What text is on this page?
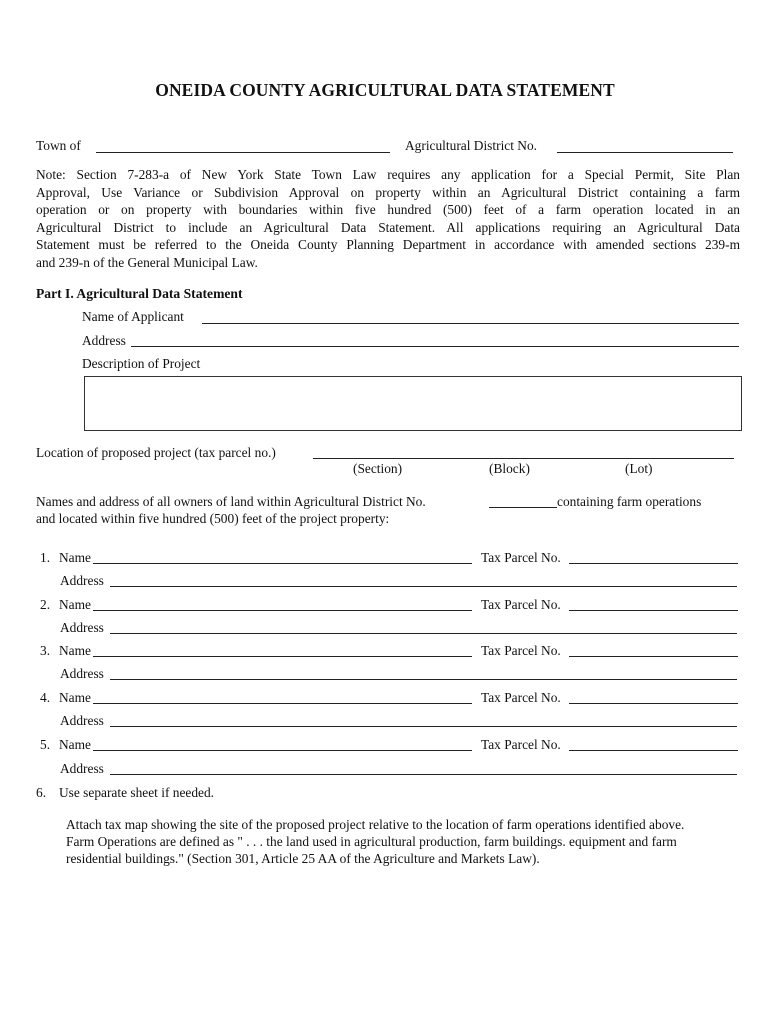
ONEIDA COUNTY AGRICULTURAL DATA STATEMENT
Town of	Agricultural District No.
Note: Section 7-283-a of New York State Town Law requires any application for a Special Permit, Site Plan
Approval, Use Variance or Subdivision Approval on property within an Agricultural District containing a farm
operation or on property with boundaries within five hundred (500) feet of a farm operation located in an
Agricultural District to include an Agricultural Data Statement. All applications requiring an Agricultural Data
Statement must be referred to the Oneida County Planning Department in accordance with amended sections 239-m
and 239-n of the General Municipal Law.
Part I. Agricultural Data Statement
Name of Applicant
Address
Description of Project
Location of proposed project (tax parcel no.)
(Section)	(Block)	(Lot)
Names and address of all owners of land within Agricultural District No.	containing farm operations
and located within five hundred (500) feet of the project property:
1. Name	Tax Parcel No.
Address
2. Name	Tax Parcel No.
Address
3. Name	Tax Parcel No.
Address
4. Name	Tax Parcel No.
Address
5. Name	Tax Parcel No.
Address
6. Use separate sheet if needed.
Attach tax map showing the site of the proposed project relative to the location of farm operations identified above.
Farm Operations are defined as " . . . the land used in agricultural production, farm buildings. equipment and farm
residential buildings." (Section 301, Article 25 AA of the Agriculture and Markets Law).
